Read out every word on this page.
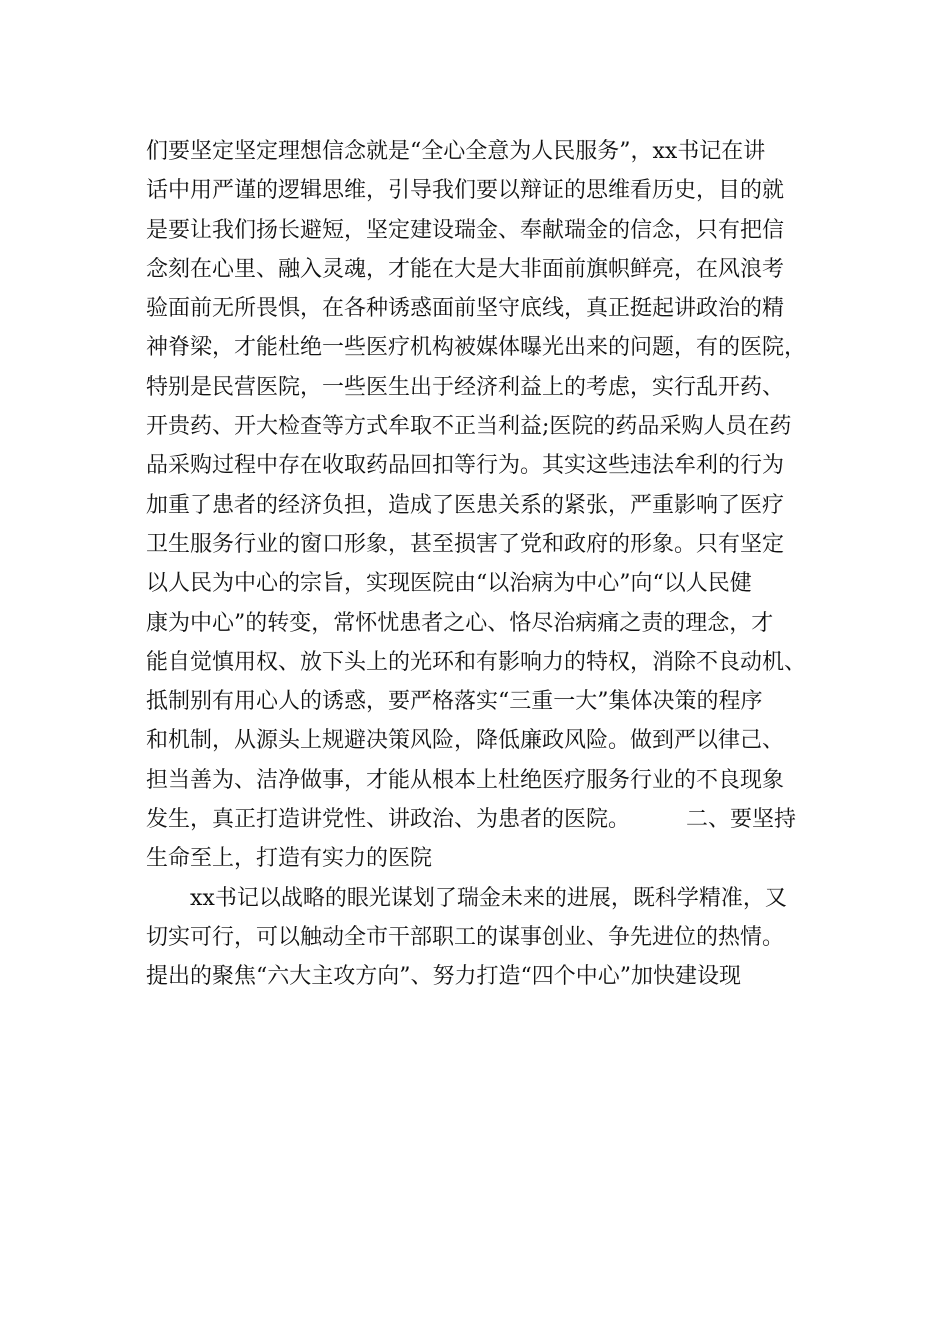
们要坚定坚定理想信念就是“全心全意为人民服务”，xx书记在讲
话中用严谨的逻辑思维，引导我们要以辩证的思维看历史，目的就
是要让我们扬长避短，坚定建设瑞金、奉献瑞金的信念，只有把信
念刻在心里、融入灵魂，才能在大是大非面前旗帜鲜亮，在风浪考
验面前无所畏惧，在各种诱惑面前坚守底线，真正挺起讲政治的精
神脊梁，才能杜绝一些医疗机构被媒体曝光出来的问题，有的医院，
特别是民营医院，一些医生出于经济利益上的考虑，实行乱开药、
开贵药、开大检查等方式牟取不正当利益;医院的药品采购人员在药
品采购过程中存在收取药品回扣等行为。其实这些违法牟利的行为
加重了患者的经济负担，造成了医患关系的紧张，严重影响了医疗
卫生服务行业的窗口形象，甚至损害了党和政府的形象。只有坚定
以人民为中心的宗旨，实现医院由“以治病为中心”向“以人民健
康为中心”的转变，常怀忧患者之心、恪尽治病痛之责的理念，才
能自觉慎用权、放下头上的光环和有影响力的特权，消除不良动机、
抵制别有用心人的诱惑，要严格落实“三重一大”集体决策的程序
和机制，从源头上规避决策风险，降低廉政风险。做到严以律己、
担当善为、洁净做事，才能从根本上杜绝医疗服务行业的不良现象
发生，真正打造讲党性、讲政治、为患者的医院。        二、要坚持
生命至上，打造有实力的医院
xx书记以战略的眼光谋划了瑞金未来的进展，既科学精准，又
切实可行，可以触动全市干部职工的谋事创业、争先进位的热情。
提出的聚焦“六大主攻方向”、努力打造“四个中心”加快建设现
